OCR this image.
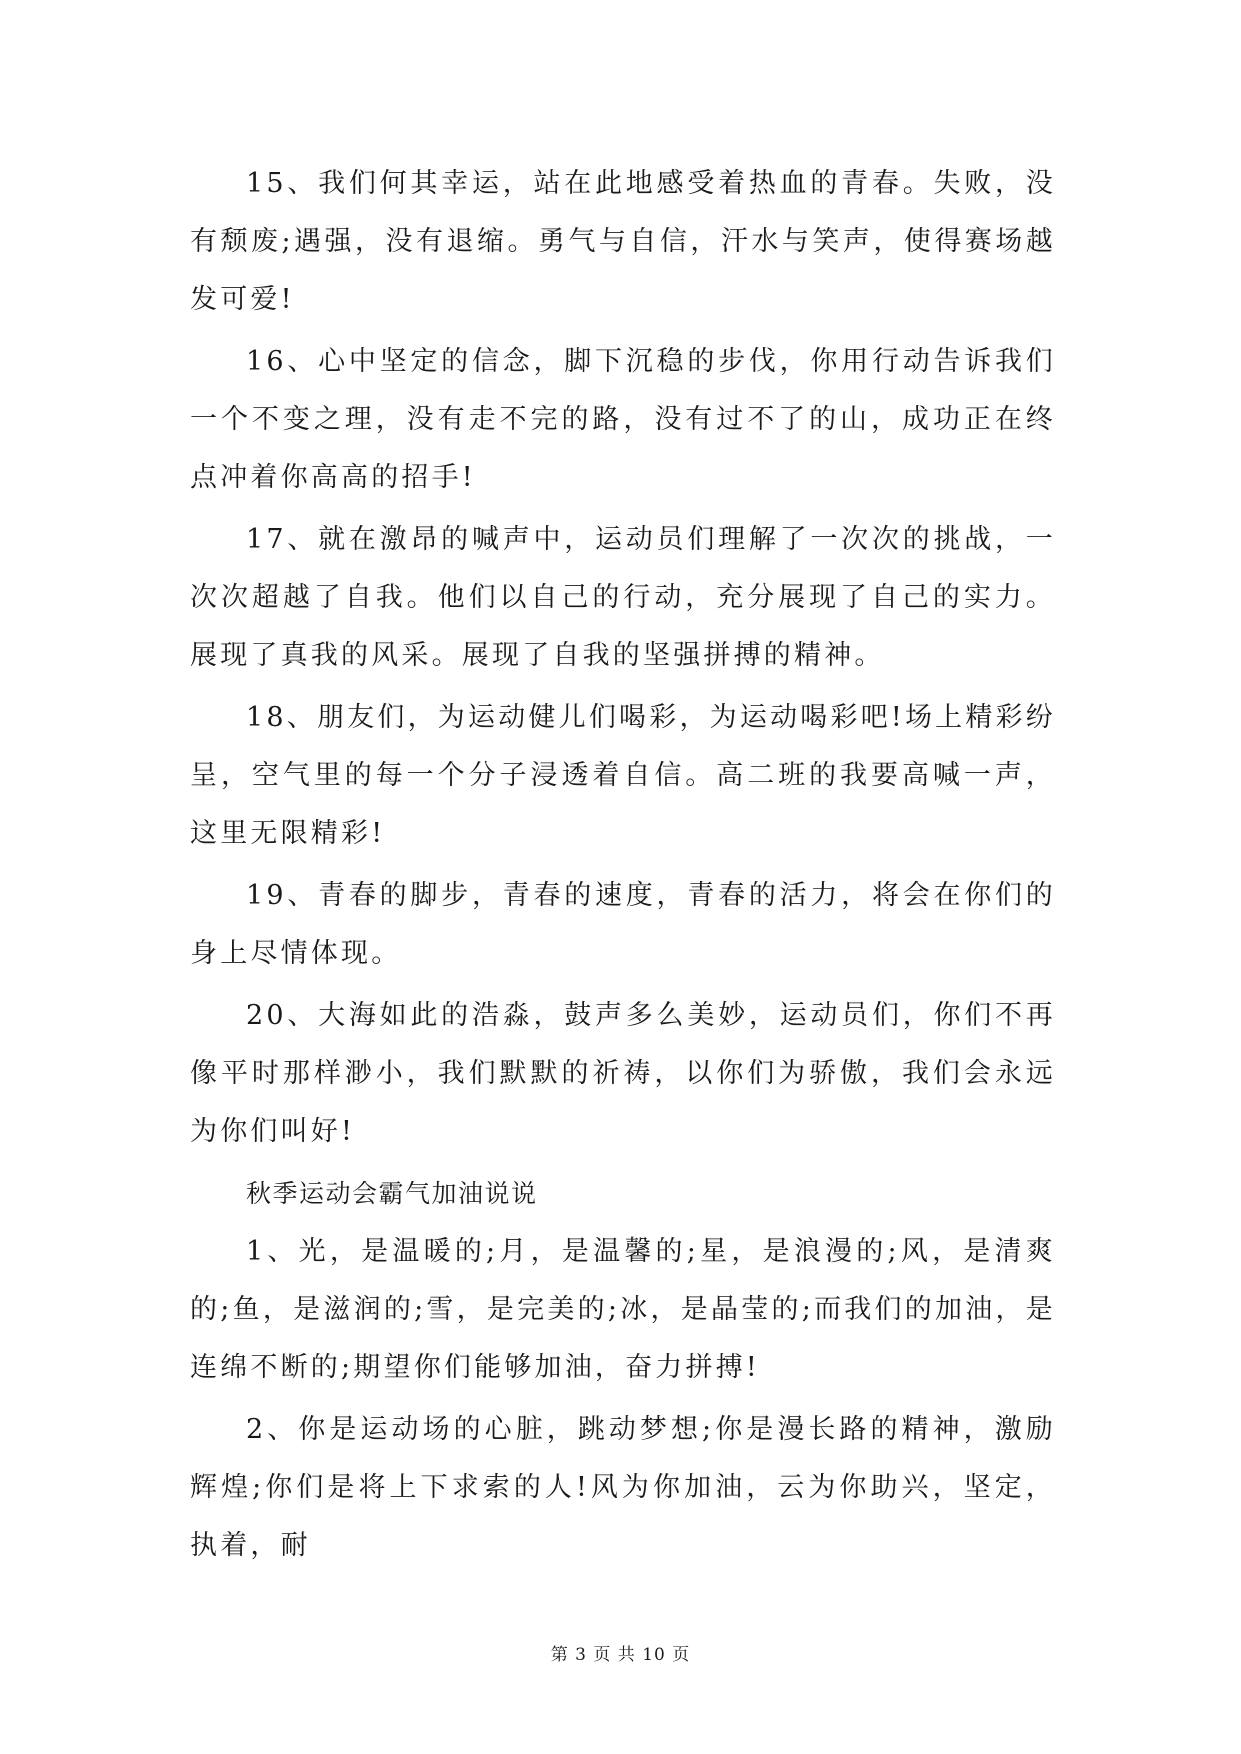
15、我们何其幸运，站在此地感受着热血的青春。失败，没有颓废;遇强，没有退缩。勇气与自信，汗水与笑声，使得赛场越发可爱!

16、心中坚定的信念，脚下沉稳的步伐，你用行动告诉我们一个不变之理，没有走不完的路，没有过不了的山，成功正在终点冲着你高高的招手!

17、就在激昂的喊声中，运动员们理解了一次次的挑战，一次次超越了自我。他们以自己的行动，充分展现了自己的实力。展现了真我的风采。展现了自我的坚强拼搏的精神。

18、朋友们，为运动健儿们喝彩，为运动喝彩吧!场上精彩纷呈，空气里的每一个分子浸透着自信。高二班的我要高喊一声，这里无限精彩!

19、青春的脚步，青春的速度，青春的活力，将会在你们的身上尽情体现。

20、大海如此的浩淼，鼓声多么美妙，运动员们，你们不再像平时那样渺小，我们默默的祈祷，以你们为骄傲，我们会永远为你们叫好!

秋季运动会霸气加油说说

1、光，是温暖的;月，是温馨的;星，是浪漫的;风，是清爽的;鱼，是滋润的;雪，是完美的;冰，是晶莹的;而我们的加油，是连绵不断的;期望你们能够加油，奋力拼搏!

2、你是运动场的心脏，跳动梦想;你是漫长路的精神，激励辉煌;你们是将上下求索的人!风为你加油，云为你助兴，坚定，执着，耐

第 3 页 共 10 页
